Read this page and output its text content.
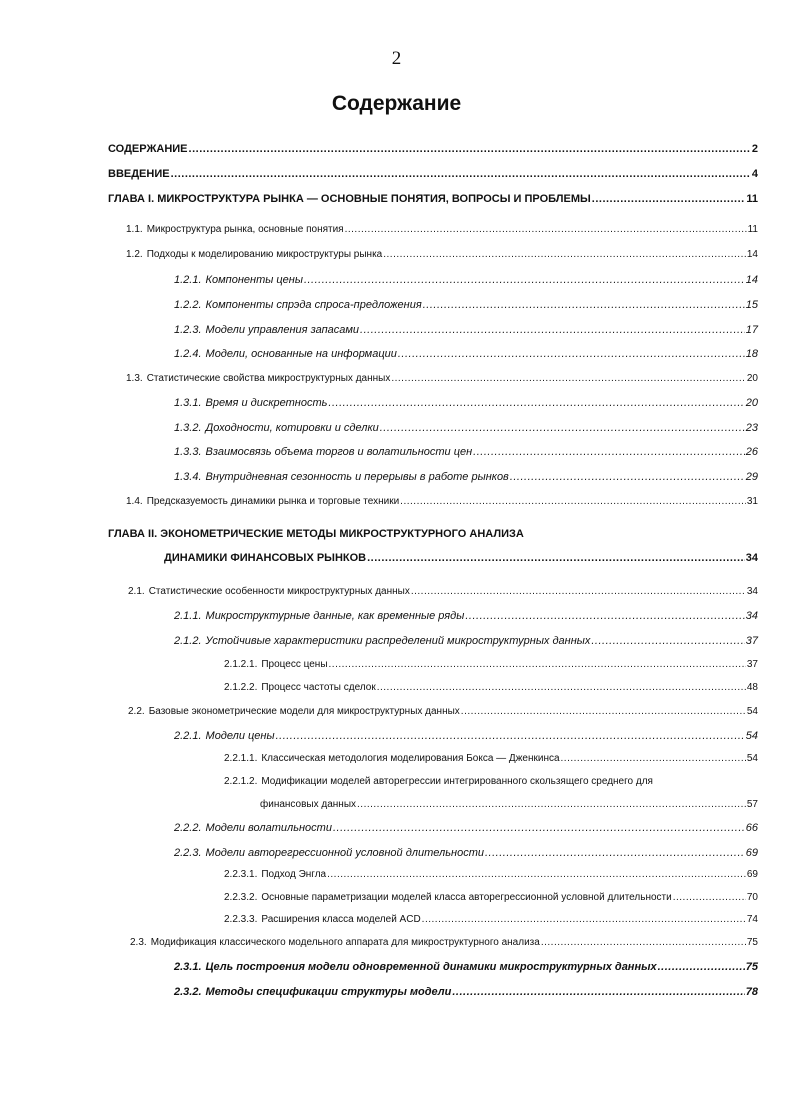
2
Содержание
СОДЕРЖАНИЕ .....	2
ВВЕДЕНИЕ .....	4
ГЛАВА I. МИКРОСТРУКТУРА РЫНКА — ОСНОВНЫЕ ПОНЯТИЯ, ВОПРОСЫ И ПРОБЛЕМЫ .....	11
1.1. Микроструктура рынка, основные понятия .....	11
1.2. Подходы к моделированию микроструктуры рынка .....	14
1.2.1. Компоненты цены .....	14
1.2.2. Компоненты спрэда спроса-предложения .....	15
1.2.3. Модели управления запасами .....	17
1.2.4. Модели, основанные на информации .....	18
1.3. Статистические свойства микроструктурных данных .....	20
1.3.1. Время и дискретность .....	20
1.3.2. Доходности, котировки и сделки .....	23
1.3.3. Взаимосвязь объема торгов и волатильности цен .....	26
1.3.4. Внутридневная сезонность и перерывы в работе рынков .....	29
1.4. Предсказуемость динамики рынка и торговые техники .....	31
ГЛАВА II. ЭКОНОМЕТРИЧЕСКИЕ МЕТОДЫ МИКРОСТРУКТУРНОГО АНАЛИЗА
ДИНАМИКИ ФИНАНСОВЫХ РЫНКОВ .....	34
2.1. Статистические особенности микроструктурных данных .....	34
2.1.1. Микроструктурные данные, как временные ряды .....	34
2.1.2. Устойчивые характеристики распределений микроструктурных данных .....	37
2.1.2.1. Процесс цены .....	37
2.1.2.2. Процесс частоты сделок .....	48
2.2. Базовые эконометрические модели для микроструктурных данных .....	54
2.2.1. Модели цены .....	54
2.2.1.1. Классическая методология моделирования Бокса — Дженкинса .....	54
2.2.1.2. Модификации моделей авторегрессии интегрированного скользящего среднего для
финансовых данных .....	57
2.2.2. Модели волатильности .....	66
2.2.3. Модели авторегрессионной условной длительности .....	69
2.2.3.1. Подход Энгла .....	69
2.2.3.2. Основные параметризации моделей класса авторегрессионной условной длительности .....	70
2.2.3.3. Расширения класса моделей ACD .....	74
2.3. Модификация классического модельного аппарата для микроструктурного анализа .....	75
2.3.1. Цель построения модели одновременной динамики микроструктурных данных .....	75
2.3.2. Методы спецификации структуры модели .....	78
